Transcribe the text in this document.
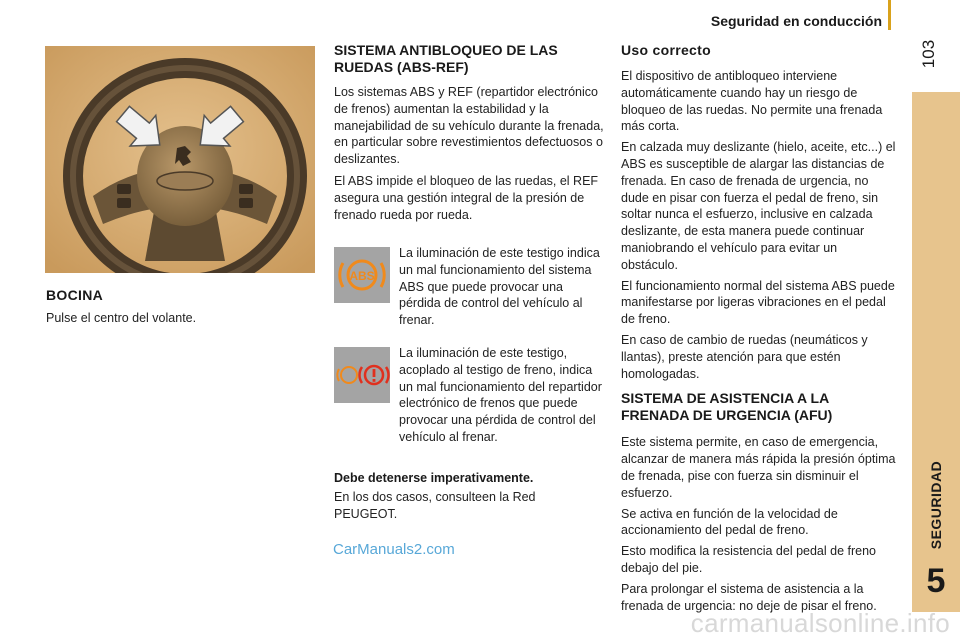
Seguridad en conducción
103
SEGURIDAD
5
BOCINA
Pulse el centro del volante.
SISTEMA ANTIBLOQUEO DE LAS
RUEDAS (ABS-REF)

Los sistemas ABS y REF (repartidor electrónico de frenos) aumentan la estabilidad y la manejabilidad de su vehículo durante la frenada, en particular sobre revestimientos defectuosos o deslizantes.

El ABS impide el bloqueo de las ruedas, el REF asegura una gestión integral de la presión de frenado rueda por rueda.

ABS
La iluminación de este testigo indica un mal funcionamiento del sistema ABS que puede provocar una pérdida de control del vehículo al frenar.
La iluminación de este testigo, acoplado al testigo de freno, indica un mal funcionamiento del repartidor electrónico de frenos que puede provocar una pérdida de control del vehículo al frenar.
Debe detenerse imperativamente.
En los dos casos, consulteen la Red PEUGEOT.
CarManuals2.com
Uso correcto

El dispositivo de antibloqueo interviene automáticamente cuando hay un riesgo de bloqueo de las ruedas. No permite una frenada más corta.

En calzada muy deslizante (hielo, aceite, etc...) el ABS es susceptible de alargar las distancias de frenada. En caso de frenada de urgencia, no dude en pisar con fuerza el pedal de freno, sin soltar nunca el esfuerzo, inclusive en calzada deslizante, de esta manera puede continuar maniobrando el vehículo para evitar un obstáculo.

El funcionamiento normal del sistema ABS puede manifestarse por ligeras vibraciones en el pedal de freno.

En caso de cambio de ruedas (neumáticos y llantas), preste atención para que estén homologadas.

SISTEMA DE ASISTENCIA A LA
FRENADA DE URGENCIA (AFU)

Este sistema permite, en caso de emergencia, alcanzar de manera más rápida la presión óptima de frenada, pise con fuerza sin disminuir el esfuerzo.

Se activa en función de la velocidad de accionamiento del pedal de freno.

Esto modifica la resistencia del pedal de freno debajo del pie.

Para prolongar el sistema de asistencia a la frenada de urgencia: no deje de pisar el freno.

carmanualsonline.info
